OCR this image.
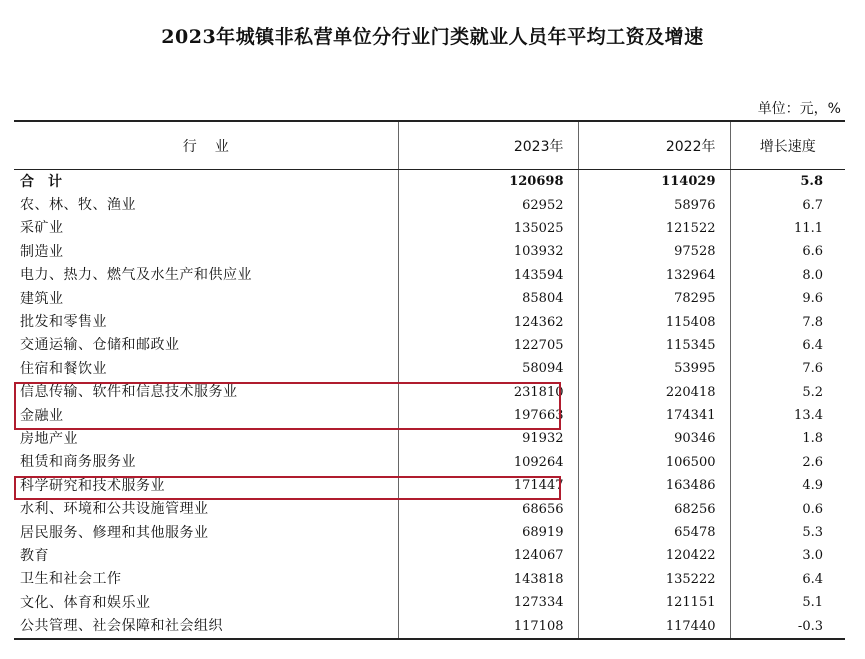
2023年城镇非私营单位分行业门类就业人员年平均工资及增速
单位：元，%
行业	2023年	2022年	增长速度
合计	120698	114029	5.8
农、林、牧、渔业	62952	58976	6.7
采矿业	135025	121522	11.1
制造业	103932	97528	6.6
电力、热力、燃气及水生产和供应业	143594	132964	8.0
建筑业	85804	78295	9.6
批发和零售业	124362	115408	7.8
交通运输、仓储和邮政业	122705	115345	6.4
住宿和餐饮业	58094	53995	7.6
信息传输、软件和信息技术服务业	231810	220418	5.2
金融业	197663	174341	13.4
房地产业	91932	90346	1.8
租赁和商务服务业	109264	106500	2.6
科学研究和技术服务业	171447	163486	4.9
水利、环境和公共设施管理业	68656	68256	0.6
居民服务、修理和其他服务业	68919	65478	5.3
教育	124067	120422	3.0
卫生和社会工作	143818	135222	6.4
文化、体育和娱乐业	127334	121151	5.1
公共管理、社会保障和社会组织	117108	117440	-0.3
